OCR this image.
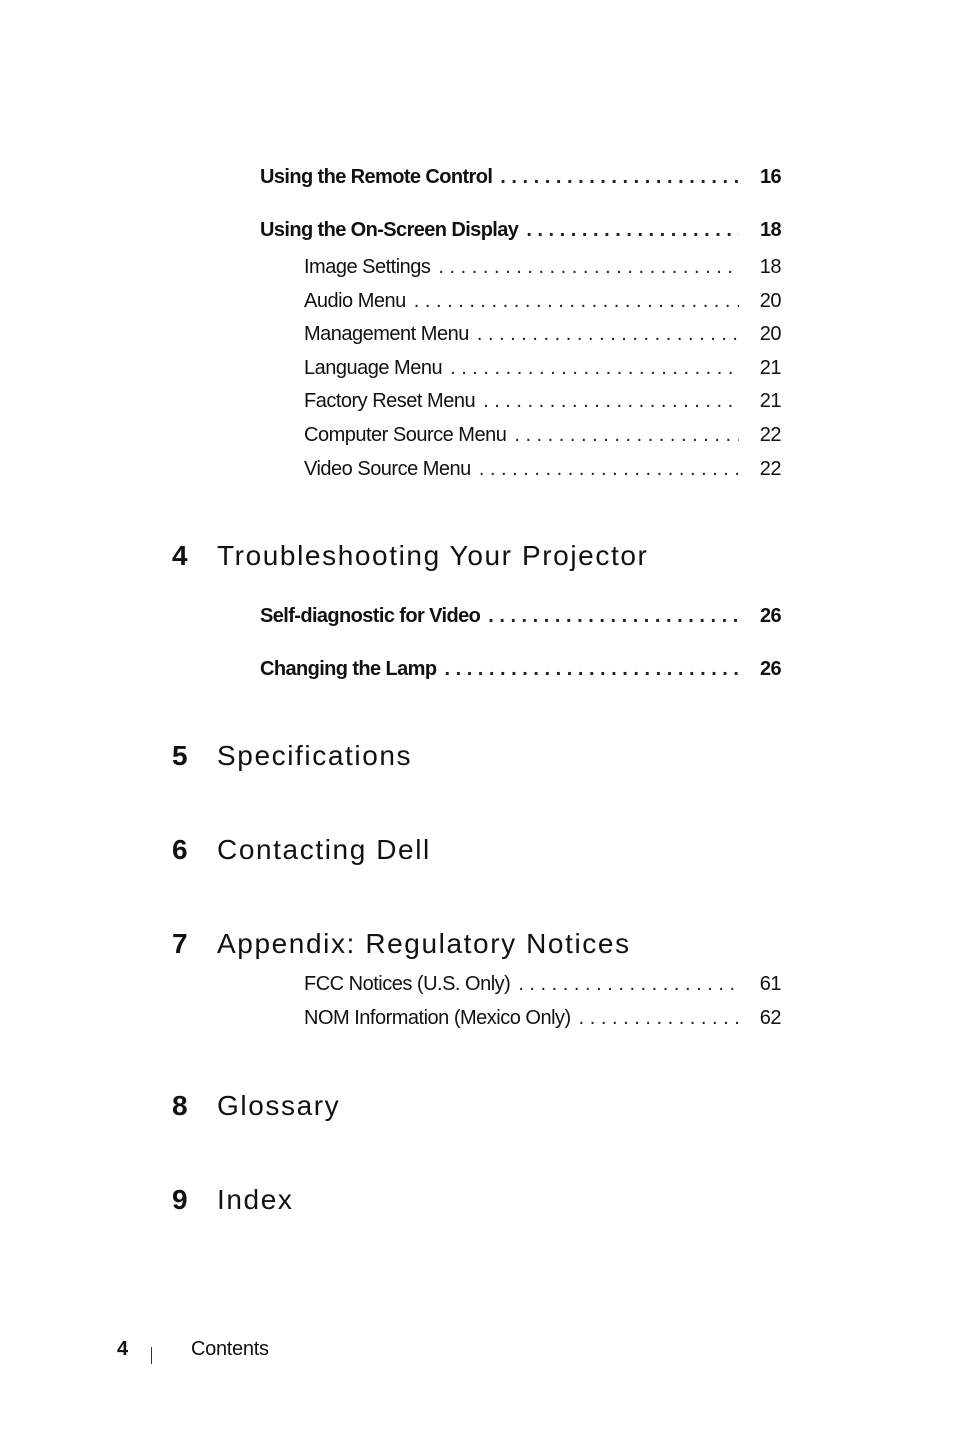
Using the Remote Control . . .	16
Using the On-Screen Display . . .	18
Image Settings . . .	18
Audio Menu . . .	20
Management Menu . . .	20
Language Menu . . .	21
Factory Reset Menu . . .	21
Computer Source Menu . . .	22
Video Source Menu . . .	22
4	Troubleshooting Your Projector
Self-diagnostic for Video . . .	26
Changing the Lamp . . .	26
5	Specifications
6	Contacting Dell
7	Appendix: Regulatory Notices
FCC Notices (U.S. Only) . . .	61
NOM Information (Mexico Only) . . .	62
8	Glossary
9	Index
4	Contents
